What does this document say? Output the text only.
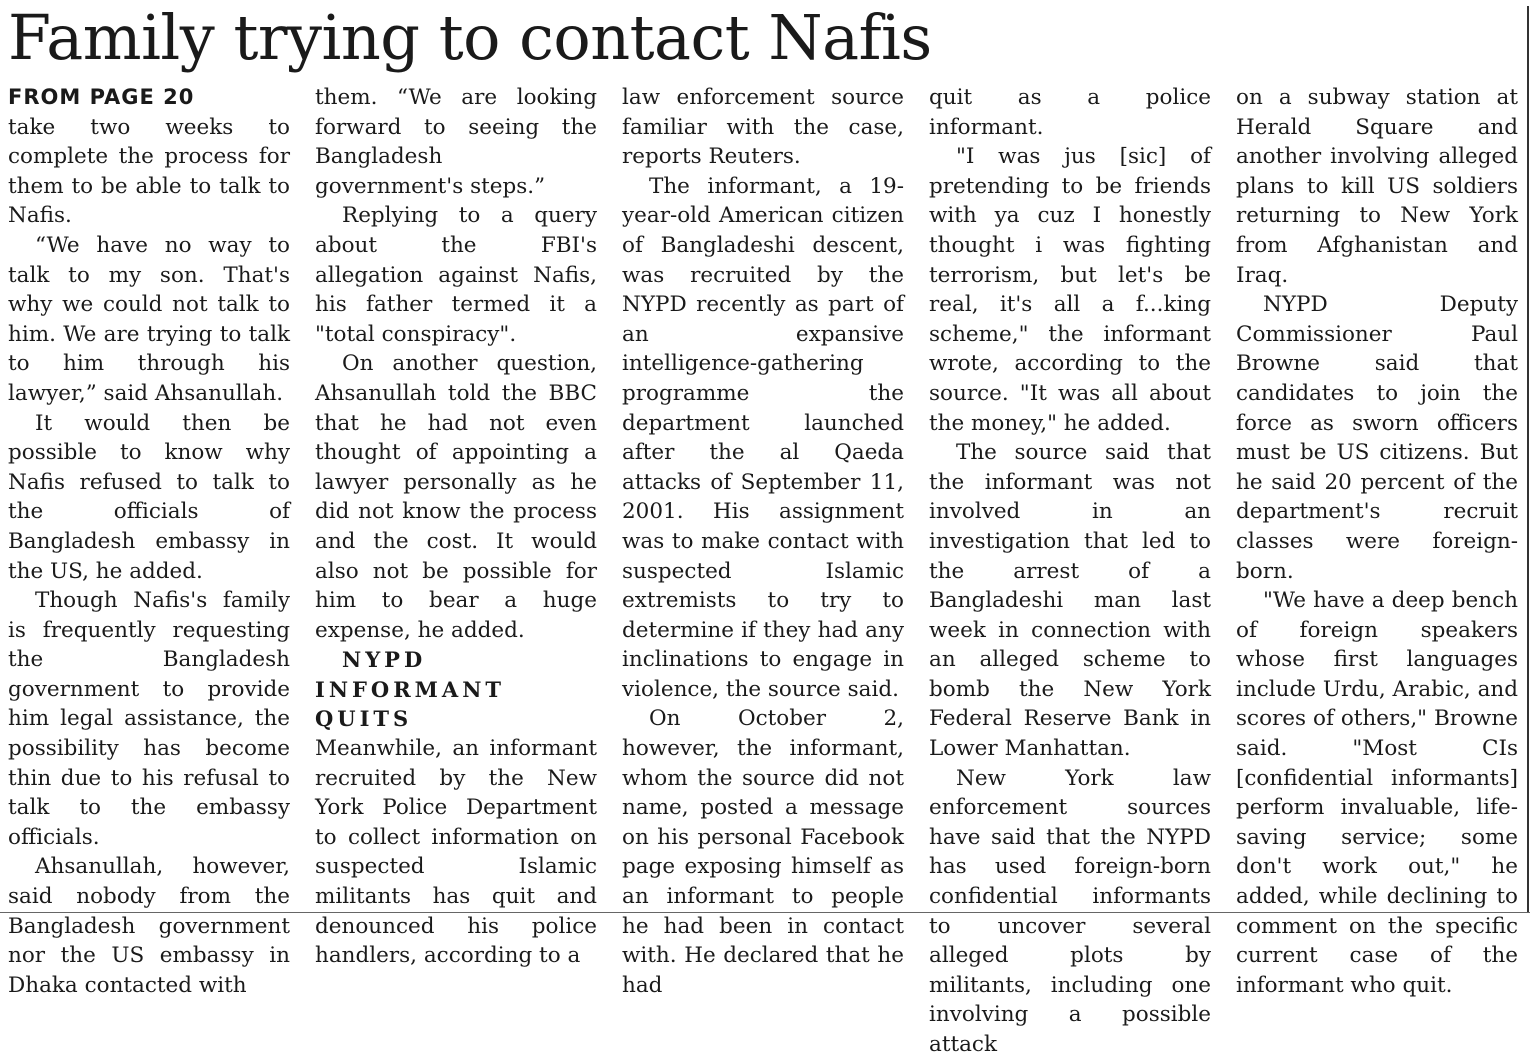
Family trying to contact Nafis
FROM PAGE 20

take two weeks to complete the process for them to be able to talk to Nafis.

“We have no way to talk to my son. That's why we could not talk to him. We are trying to talk to him through his lawyer,” said Ahsanullah.

It would then be possible to know why Nafis refused to talk to the officials of Bangladesh embassy in the US, he added.

Though Nafis's family is frequently requesting the Bangladesh government to provide him legal assistance, the possibility has become thin due to his refusal to talk to the embassy officials.

Ahsanullah, however, said nobody from the Bangladesh government nor the US embassy in Dhaka contacted with

them. “We are looking forward to seeing the Bangladesh government's steps.”

Replying to a query about the FBI's allegation against Nafis, his father termed it a "total conspiracy".

On another question, Ahsanullah told the BBC that he had not even thought of appointing a lawyer personally as he did not know the process and the cost. It would also not be possible for him to bear a huge expense, he added.

NYPD INFORMANT QUITS

Meanwhile, an informant recruited by the New York Police Department to collect information on suspected Islamic militants has quit and denounced his police handlers, according to a

law enforcement source familiar with the case, reports Reuters.

The informant, a 19-year-old American citizen of Bangladeshi descent, was recruited by the NYPD recently as part of an expansive intelligence-gathering programme the department launched after the al Qaeda attacks of September 11, 2001. His assignment was to make contact with suspected Islamic extremists to try to determine if they had any inclinations to engage in violence, the source said.

On October 2, however, the informant, whom the source did not name, posted a message on his personal Facebook page exposing himself as an informant to people he had been in contact with. He declared that he had

quit as a police informant.

"I was jus [sic] of pretending to be friends with ya cuz I honestly thought i was fighting terrorism, but let's be real, it's all a f...king scheme," the informant wrote, according to the source. "It was all about the money," he added.

The source said that the informant was not involved in an investigation that led to the arrest of a Bangladeshi man last week in connection with an alleged scheme to bomb the New York Federal Reserve Bank in Lower Manhattan.

New York law enforcement sources have said that the NYPD has used foreign-born confidential informants to uncover several alleged plots by militants, including one involving a possible attack

on a subway station at Herald Square and another involving alleged plans to kill US soldiers returning to New York from Afghanistan and Iraq.

NYPD Deputy Commissioner Paul Browne said that candidates to join the force as sworn officers must be US citizens. But he said 20 percent of the department's recruit classes were foreign-born.

"We have a deep bench of foreign speakers whose first languages include Urdu, Arabic, and scores of others," Browne said. "Most CIs [confidential informants] perform invaluable, life-saving service; some don't work out," he added, while declining to comment on the specific current case of the informant who quit.
